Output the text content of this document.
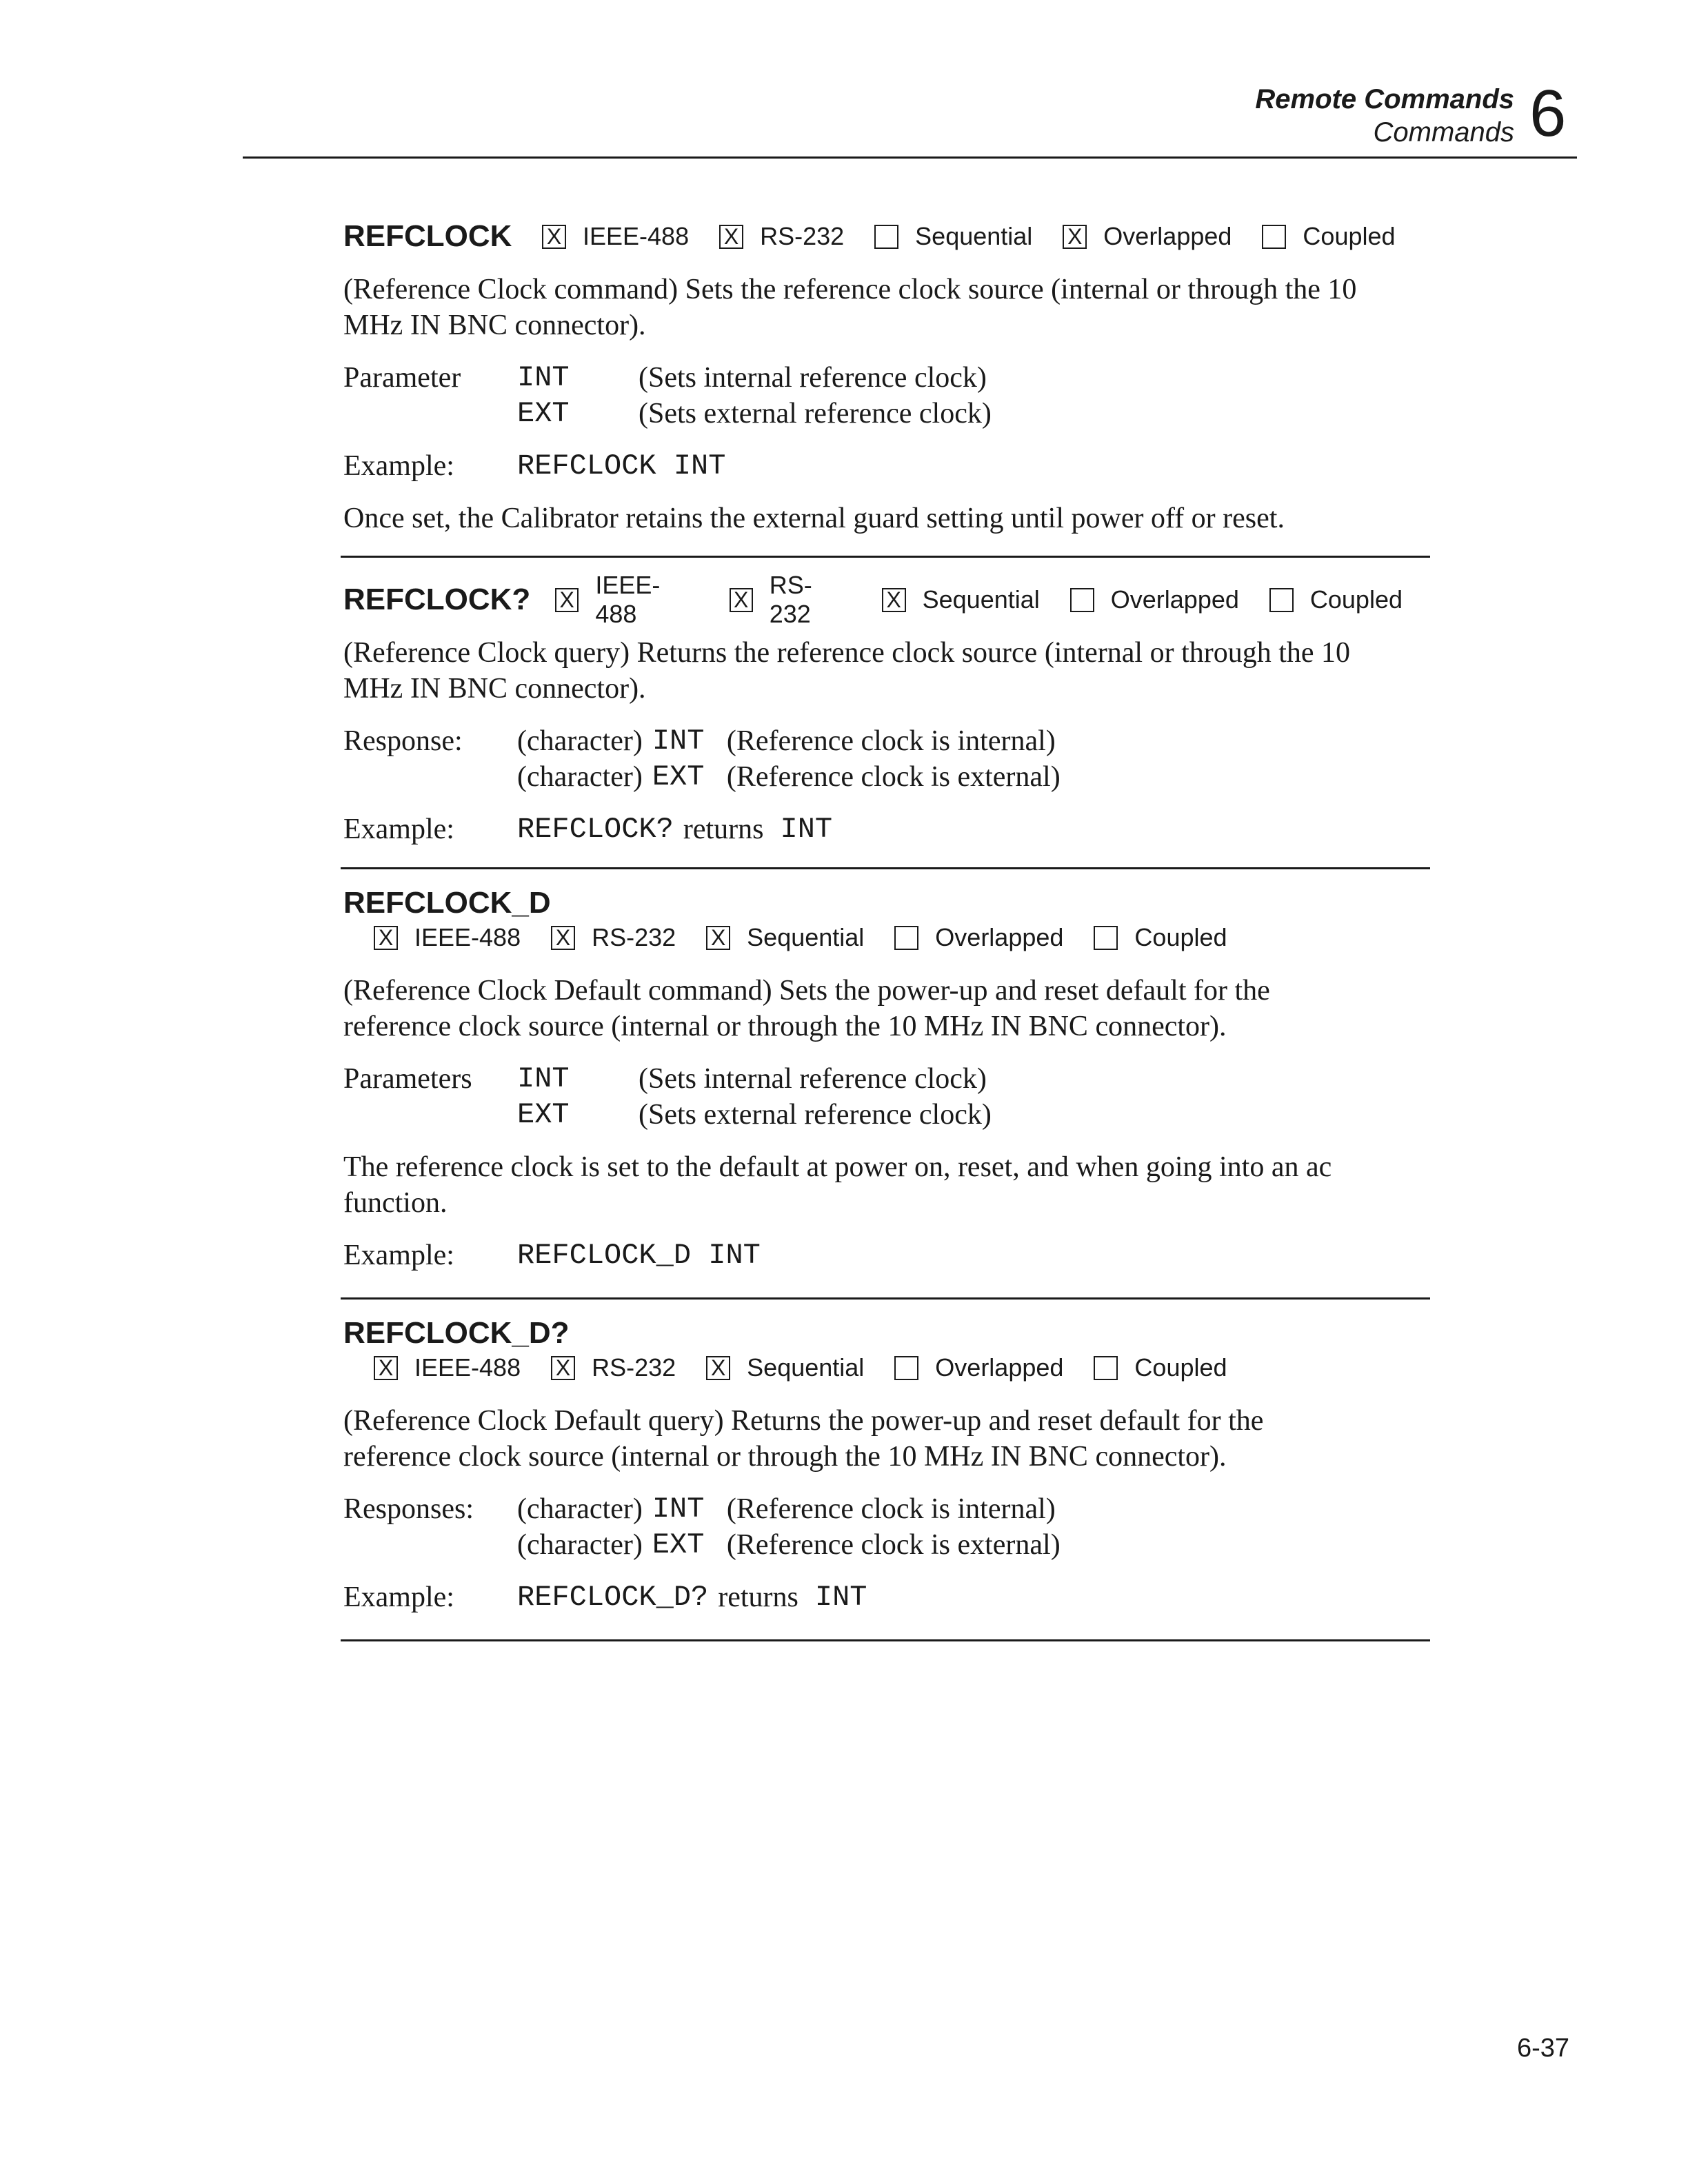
Remote Commands
Commands 6
REFCLOCK	X IEEE-488 X RS-232	Sequential X Overlapped	Coupled

(Reference Clock command) Sets the reference clock source (internal or through the 10

MHz IN BNC connector).

Parameter	INT	(Sets internal reference clock)
EXT	(Sets external reference clock)
Example:	REFCLOCK INT

Once set, the Calibrator retains the external guard setting until power off or reset.

REFCLOCK?	X
IEEE-488
X
RS-232
X Sequential	Overlapped	Coupled

(Reference Clock query) Returns the reference clock source (internal or through the 10

MHz IN BNC connector).

Response:	(character) INT (Reference clock is internal)
(character) EXT (Reference clock is external)
Example:	REFCLOCK? returns INT
REFCLOCK_D
X IEEE-488 X RS-232 X Sequential	Overlapped	Coupled

(Reference Clock Default command) Sets the power-up and reset default for the

reference clock source (internal or through the 10 MHz IN BNC connector).

Parameters	INT	(Sets internal reference clock)
EXT	(Sets external reference clock)

The reference clock is set to the default at power on, reset, and when going into an ac

function.

Example:	REFCLOCK_D INT
REFCLOCK_D?
X IEEE-488 X RS-232 X Sequential	Overlapped	Coupled

(Reference Clock Default query) Returns the power-up and reset default for the

reference clock source (internal or through the 10 MHz IN BNC connector).

Responses:	(character) INT (Reference clock is internal)
(character) EXT (Reference clock is external)
Example:	REFCLOCK_D? returns INT
6-37
